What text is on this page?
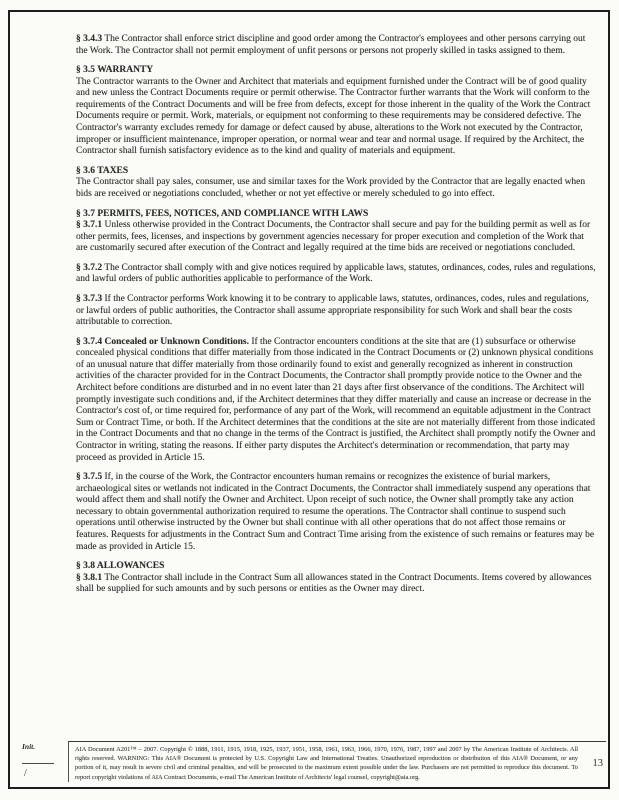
§ 3.4.3 The Contractor shall enforce strict discipline and good order among the Contractor's employees and other persons carrying out the Work. The Contractor shall not permit employment of unfit persons or persons not properly skilled in tasks assigned to them.

§ 3.5 WARRANTY

The Contractor warrants to the Owner and Architect that materials and equipment furnished under the Contract will be of good quality and new unless the Contract Documents require or permit otherwise. The Contractor further warrants that the Work will conform to the requirements of the Contract Documents and will be free from defects, except for those inherent in the quality of the Work the Contract Documents require or permit. Work, materials, or equipment not conforming to these requirements may be considered defective. The Contractor's warranty excludes remedy for damage or defect caused by abuse, alterations to the Work not executed by the Contractor, improper or insufficient maintenance, improper operation, or normal wear and tear and normal usage. If required by the Architect, the Contractor shall furnish satisfactory evidence as to the kind and quality of materials and equipment.

§ 3.6 TAXES

The Contractor shall pay sales, consumer, use and similar taxes for the Work provided by the Contractor that are legally enacted when bids are received or negotiations concluded, whether or not yet effective or merely scheduled to go into effect.

§ 3.7 PERMITS, FEES, NOTICES, AND COMPLIANCE WITH LAWS

§ 3.7.1 Unless otherwise provided in the Contract Documents, the Contractor shall secure and pay for the building permit as well as for other permits, fees, licenses, and inspections by government agencies necessary for proper execution and completion of the Work that are customarily secured after execution of the Contract and legally required at the time bids are received or negotiations concluded.

§ 3.7.2 The Contractor shall comply with and give notices required by applicable laws, statutes, ordinances, codes, rules and regulations, and lawful orders of public authorities applicable to performance of the Work.

§ 3.7.3 If the Contractor performs Work knowing it to be contrary to applicable laws, statutes, ordinances, codes, rules and regulations, or lawful orders of public authorities, the Contractor shall assume appropriate responsibility for such Work and shall bear the costs attributable to correction.

§ 3.7.4 Concealed or Unknown Conditions. If the Contractor encounters conditions at the site that are (1) subsurface or otherwise concealed physical conditions that differ materially from those indicated in the Contract Documents or (2) unknown physical conditions of an unusual nature that differ materially from those ordinarily found to exist and generally recognized as inherent in construction activities of the character provided for in the Contract Documents, the Contractor shall promptly provide notice to the Owner and the Architect before conditions are disturbed and in no event later than 21 days after first observance of the conditions. The Architect will promptly investigate such conditions and, if the Architect determines that they differ materially and cause an increase or decrease in the Contractor's cost of, or time required for, performance of any part of the Work, will recommend an equitable adjustment in the Contract Sum or Contract Time, or both. If the Architect determines that the conditions at the site are not materially different from those indicated in the Contract Documents and that no change in the terms of the Contract is justified, the Architect shall promptly notify the Owner and Contractor in writing, stating the reasons. If either party disputes the Architect's determination or recommendation, that party may proceed as provided in Article 15.

§ 3.7.5 If, in the course of the Work, the Contractor encounters human remains or recognizes the existence of burial markers, archaeological sites or wetlands not indicated in the Contract Documents, the Contractor shall immediately suspend any operations that would affect them and shall notify the Owner and Architect. Upon receipt of such notice, the Owner shall promptly take any action necessary to obtain governmental authorization required to resume the operations. The Contractor shall continue to suspend such operations until otherwise instructed by the Owner but shall continue with all other operations that do not affect those remains or features. Requests for adjustments in the Contract Sum and Contract Time arising from the existence of such remains or features may be made as provided in Article 15.

§ 3.8 ALLOWANCES

§ 3.8.1 The Contractor shall include in the Contract Sum all allowances stated in the Contract Documents. Items covered by allowances shall be supplied for such amounts and by such persons or entities as the Owner may direct.

Init.
/
AIA Document A201™ – 2007. Copyright © 1888, 1911, 1915, 1918, 1925, 1937, 1951, 1958, 1961, 1963, 1966, 1970, 1976, 1987, 1997 and 2007 by The American Institute of Architects. All rights reserved. WARNING: This AIA® Document is protected by U.S. Copyright Law and International Treaties. Unauthorized reproduction or distribution of this AIA® Document, or any portion of it, may result in severe civil and criminal penalties, and will be prosecuted to the maximum extent possible under the law. Purchasers are not permitted to reproduce this document. To report copyright violations of AIA Contract Documents, e-mail The American Institute of Architects' legal counsel, copyright@aia.org.
13
